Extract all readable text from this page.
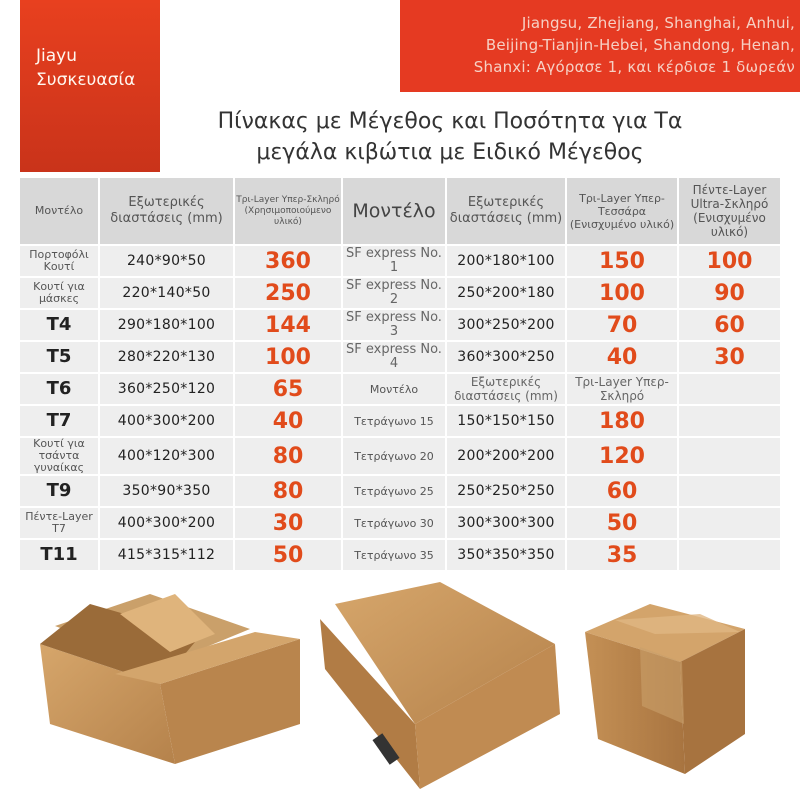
Jiangsu, Zhejiang, Shanghai, Anhui,
Beijing-Tianjin-Hebei, Shandong, Henan,
Shanxi: Αγόρασε 1, και κέρδισε 1 δωρεάν
Jiayu
Συσκευασία
Πίνακας με Μέγεθος και Ποσότητα για Τα
μεγάλα κιβώτια με Ειδικό Μέγεθος
Μοντέλο	Εξωτερικές διαστάσεις (mm)	Τρι-Layer Υπερ-Σκληρό (Χρησιμοποιούμενο υλικό)	Μοντέλο	Εξωτερικές διαστάσεις (mm)	Τρι-Layer Υπερ-Τεσσάρα (Ενισχυμένο υλικό)	Πέντε-Layer Ultra-Σκληρό (Ενισχυμένο υλικό)
Πορτοφόλι Κουτί	240*90*50	360	SF express No. 1	200*180*100	150	100
Κουτί για μάσκες	220*140*50	250	SF express No. 2	250*200*180	100	90
T4	290*180*100	144	SF express No. 3	300*250*200	70	60
T5	280*220*130	100	SF express No. 4	360*300*250	40	30
T6	360*250*120	65	Μοντέλο	Εξωτερικές διαστάσεις (mm)	Τρι-Layer Υπερ-Σκληρό	
T7	400*300*200	40	Τετράγωνο 15	150*150*150	180	
Κουτί για τσάντα γυναίκας	400*120*300	80	Τετράγωνο 20	200*200*200	120	
T9	350*90*350	80	Τετράγωνο 25	250*250*250	60	
Πέντε-Layer T7	400*300*200	30	Τετράγωνο 30	300*300*300	50	
T11	415*315*112	50	Τετράγωνο 35	350*350*350	35	
